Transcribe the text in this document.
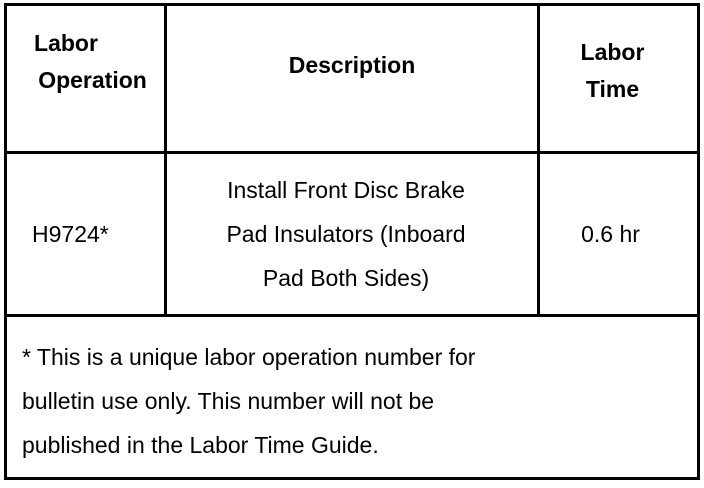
Labor
Operation
Description
Labor
Time
H9724*
Install Front Disc Brake
Pad Insulators (Inboard
Pad Both Sides)
0.6 hr
* This is a unique labor operation number for
bulletin use only. This number will not be
published in the Labor Time Guide.
